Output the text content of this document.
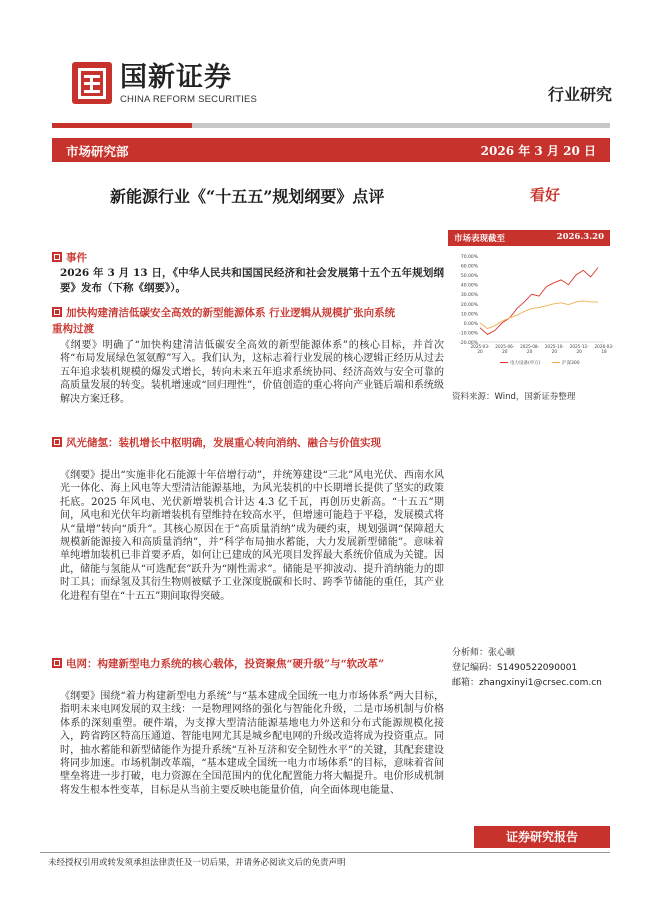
国新证券
CHINA REFORM SECURITIES	行业研究
市场研究部	2026 年 3 月 20 日
新能源行业《“十五五”规划纲要》点评	看好
市场表现截至	2026.3.20
70.00%
60.00%
50.00%
40.00%
30.00%
20.00%
10.00%
0.00%
-10.00%
-20.00%
2025-03-
20
2025-06-
20
2025-08-
20
2025-10-
20
2025-12-
20
2026-03-
18
电力设备(申万)	沪深300
资料来源：Wind，国新证券整理
事件
2026 年 3 月 13 日，《中华人民共和国国民经济和社会发展第十五个五年规划纲要》发布（下称《纲要》）。
加快构建清洁低碳安全高效的新型能源体系 行业逻辑从规模扩张向系统重构过渡
《纲要》明确了“加快构建清洁低碳安全高效的新型能源体系”的核心目标，并首次将“布局发展绿色氢氨醇”写入。我们认为，这标志着行业发展的核心逻辑正经历从过去五年追求装机规模的爆发式增长，转向未来五年追求系统协同、经济高效与安全可靠的高质量发展的转变。装机增速或“回归理性”，价值创造的重心将向产业链后端和系统级解决方案迁移。
风光储氢：装机增长中枢明确，发展重心转向消纳、融合与价值实现
《纲要》提出“实施非化石能源十年倍增行动”，并统筹建设“三北”风电光伏、西南水风光一体化、海上风电等大型清洁能源基地，为风光装机的中长期增长提供了坚实的政策托底。2025 年风电、光伏新增装机合计达 4.3 亿千瓦，再创历史新高。“十五五”期间，风电和光伏年均新增装机有望维持在较高水平，但增速可能趋于平稳，发展模式将从“量增”转向“质升”。其核心原因在于“高质量消纳”成为硬约束，规划强调“保障超大规模新能源接入和高质量消纳”，并“科学布局抽水蓄能，大力发展新型储能”。意味着单纯增加装机已非首要矛盾，如何让已建成的风光项目发挥最大系统价值成为关键。因此，储能与氢能从“可选配套”跃升为“刚性需求”。储能是平抑波动、提升消纳能力的即时工具；而绿氢及其衍生物则被赋予工业深度脱碳和长时、跨季节储能的重任，其产业化进程有望在“十五五”期间取得突破。
电网：构建新型电力系统的核心载体，投资聚焦“硬升级”与“软改革”
《纲要》围绕“着力构建新型电力系统”与“基本建成全国统一电力市场体系”两大目标，指明未来电网发展的双主线：一是物理网络的强化与智能化升级，二是市场机制与价格体系的深刻重塑。硬件端，为支撑大型清洁能源基地电力外送和分布式能源规模化接入，跨省跨区特高压通道、智能电网尤其是城乡配电网的升级改造将成为投资重点。同时，抽水蓄能和新型储能作为提升系统“互补互济和安全韧性水平”的关键，其配套建设将同步加速。市场机制改革端，“基本建成全国统一电力市场体系”的目标，意味着省间壁垒将进一步打破，电力资源在全国范围内的优化配置能力将大幅提升。电价形成机制将发生根本性变革，目标是从当前主要反映电能量价值，向全面体现电能量、
分析师：张心颐
登记编码：S1490522090001
邮箱：zhangxinyi1@crsec.com.cn
证券研究报告
未经授权引用或转发须承担法律责任及一切后果，并请务必阅读文后的免责声明
